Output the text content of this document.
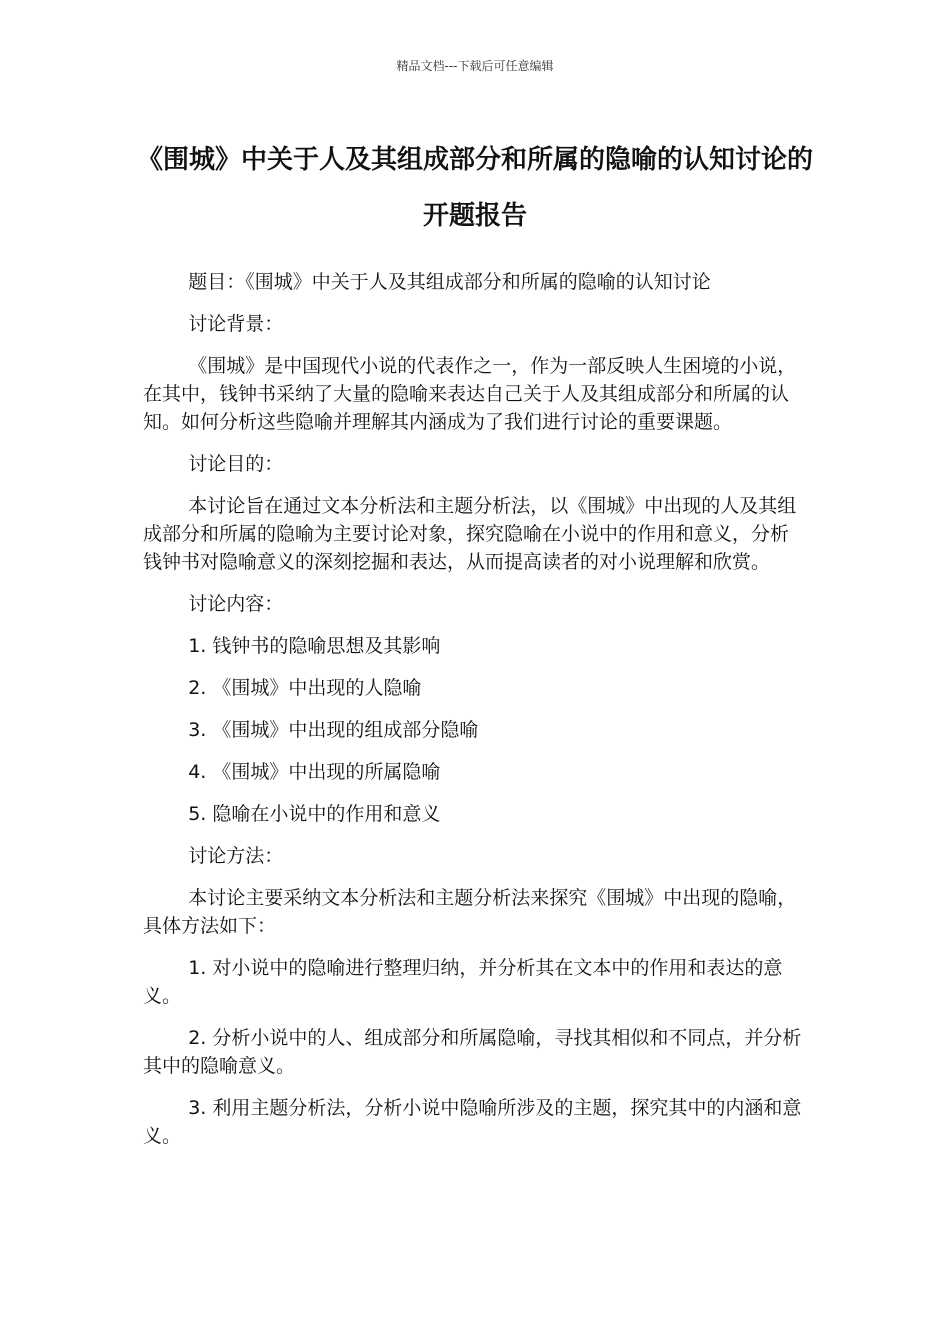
精品文档---下载后可任意编辑
《围城》中关于人及其组成部分和所属的隐喻的认知讨论的开题报告

题目：《围城》中关于人及其组成部分和所属的隐喻的认知讨论

讨论背景：

《围城》是中国现代小说的代表作之一，作为一部反映人生困境的小说，在其中，钱钟书采纳了大量的隐喻来表达自己关于人及其组成部分和所属的认知。如何分析这些隐喻并理解其内涵成为了我们进行讨论的重要课题。

讨论目的：

本讨论旨在通过文本分析法和主题分析法，以《围城》中出现的人及其组成部分和所属的隐喻为主要讨论对象，探究隐喻在小说中的作用和意义，分析钱钟书对隐喻意义的深刻挖掘和表达，从而提高读者的对小说理解和欣赏。

讨论内容：

1. 钱钟书的隐喻思想及其影响

2. 《围城》中出现的人隐喻

3. 《围城》中出现的组成部分隐喻

4. 《围城》中出现的所属隐喻

5. 隐喻在小说中的作用和意义

讨论方法：

本讨论主要采纳文本分析法和主题分析法来探究《围城》中出现的隐喻，具体方法如下：

1. 对小说中的隐喻进行整理归纳，并分析其在文本中的作用和表达的意义。

2. 分析小说中的人、组成部分和所属隐喻，寻找其相似和不同点，并分析其中的隐喻意义。

3. 利用主题分析法，分析小说中隐喻所涉及的主题，探究其中的内涵和意义。
